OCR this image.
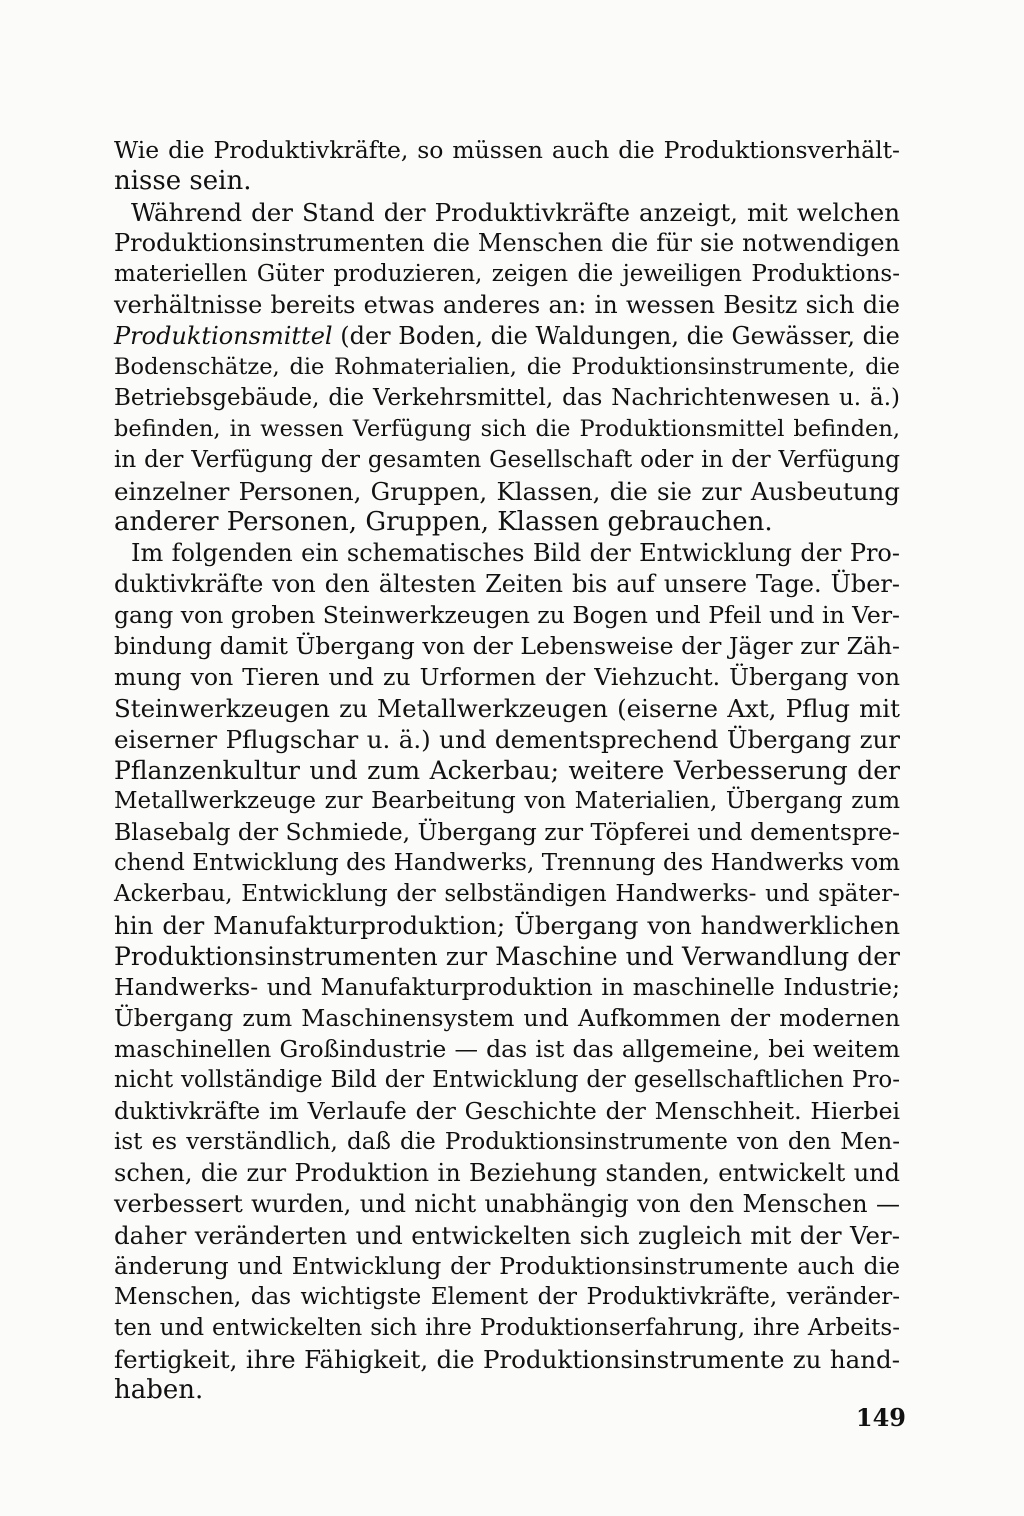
Wie die Produktivkräfte, so müssen auch die Produktionsverhält-
nisse sein.
Während der Stand der Produktivkräfte anzeigt, mit welchen
Produktionsinstrumenten die Menschen die für sie notwendigen
materiellen Güter produzieren, zeigen die jeweiligen Produktions-
verhältnisse bereits etwas anderes an: in wessen Besitz sich die
Produktionsmittel (der Boden, die Waldungen, die Gewässer, die
Bodenschätze, die Rohmaterialien, die Produktionsinstrumente, die
Betriebsgebäude, die Verkehrsmittel, das Nachrichtenwesen u. ä.)
befinden, in wessen Verfügung sich die Produktionsmittel befinden,
in der Verfügung der gesamten Gesellschaft oder in der Verfügung
einzelner Personen, Gruppen, Klassen, die sie zur Ausbeutung
anderer Personen, Gruppen, Klassen gebrauchen.
Im folgenden ein schematisches Bild der Entwicklung der Pro-
duktivkräfte von den ältesten Zeiten bis auf unsere Tage. Über-
gang von groben Steinwerkzeugen zu Bogen und Pfeil und in Ver-
bindung damit Übergang von der Lebensweise der Jäger zur Zäh-
mung von Tieren und zu Urformen der Viehzucht. Übergang von
Steinwerkzeugen zu Metallwerkzeugen (eiserne Axt, Pflug mit
eiserner Pflugschar u. ä.) und dementsprechend Übergang zur
Pflanzenkultur und zum Ackerbau; weitere Verbesserung der
Metallwerkzeuge zur Bearbeitung von Materialien, Übergang zum
Blasebalg der Schmiede, Übergang zur Töpferei und dementspre-
chend Entwicklung des Handwerks, Trennung des Handwerks vom
Ackerbau, Entwicklung der selbständigen Handwerks- und später-
hin der Manufakturproduktion; Übergang von handwerklichen
Produktionsinstrumenten zur Maschine und Verwandlung der
Handwerks- und Manufakturproduktion in maschinelle Industrie;
Übergang zum Maschinensystem und Aufkommen der modernen
maschinellen Großindustrie — das ist das allgemeine, bei weitem
nicht vollständige Bild der Entwicklung der gesellschaftlichen Pro-
duktivkräfte im Verlaufe der Geschichte der Menschheit. Hierbei
ist es verständlich, daß die Produktionsinstrumente von den Men-
schen, die zur Produktion in Beziehung standen, entwickelt und
verbessert wurden, und nicht unabhängig von den Menschen —
daher veränderten und entwickelten sich zugleich mit der Ver-
änderung und Entwicklung der Produktionsinstrumente auch die
Menschen, das wichtigste Element der Produktivkräfte, veränder-
ten und entwickelten sich ihre Produktionserfahrung, ihre Arbeits-
fertigkeit, ihre Fähigkeit, die Produktionsinstrumente zu hand-
haben.
149
